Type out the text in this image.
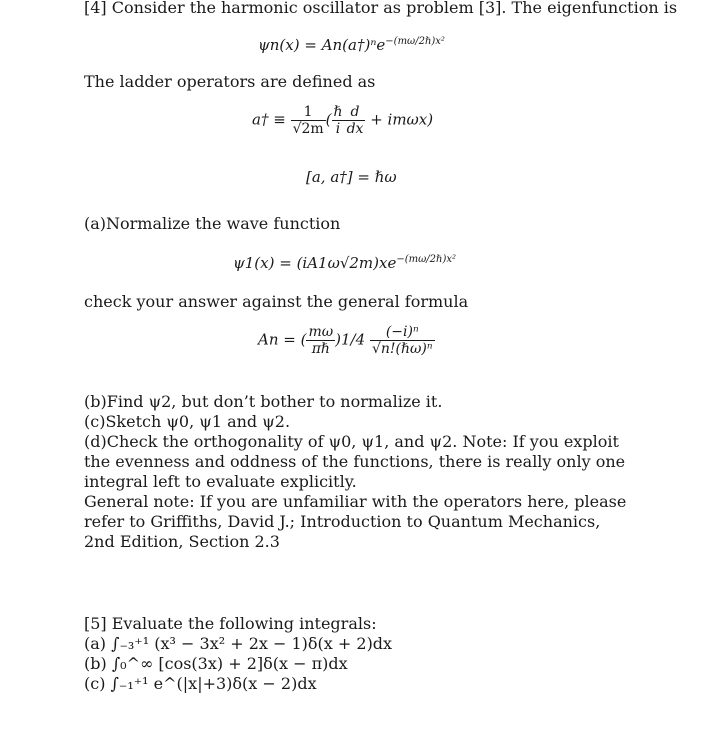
[4] Consider the harmonic oscillator as problem [3]. The eigenfunction is
ψn(x) = An(a†)ⁿe$^{-(m\omega/2\hbar)x^2}$
The ladder operators are defined as
a† ≡ $\frac{1}{√2m}$ ( $\frac{\text{ℏ}}{i} \frac{d}{dx} + im\omega x$)
[a, a†] = ℏω
(a)Normalize the wave function
$\psi 1(x) = (iA1\omega√2m)xe^{-(m\omega/2\hbar)x^2}$
check your answer against the general formula
An = ( $\frac{m\omega}{\text{πℏ}} )1/4 \frac{\text{(−i)ⁿ}}{\text{√n!(ℏω)ⁿ}}$
(b)Find ψ2, but don’t bother to normalize it.
(c)Sketch ψ0, ψ1 and ψ2.
(d)Check the orthogonality of ψ0, ψ1, and ψ2. Note: If you exploit the evenness and oddness of the functions, there is really only one integral left to evaluate explicitly.
General note: If you are unfamiliar with the operators here, please refer to Griffiths, David J.; Introduction to Quantum Mechanics, 2nd Edition, Section 2.3
[5] Evaluate the following integrals:
(a) ∫₋₃⁺¹ (x³ − 3x² + 2x − 1)δ(x + 2)dx
(b) ∫₀^∞ [cos(3x) + 2]δ(x − π)dx
(c) ∫₋₁⁺¹ e^(|x|+3)δ(x − 2)dx
